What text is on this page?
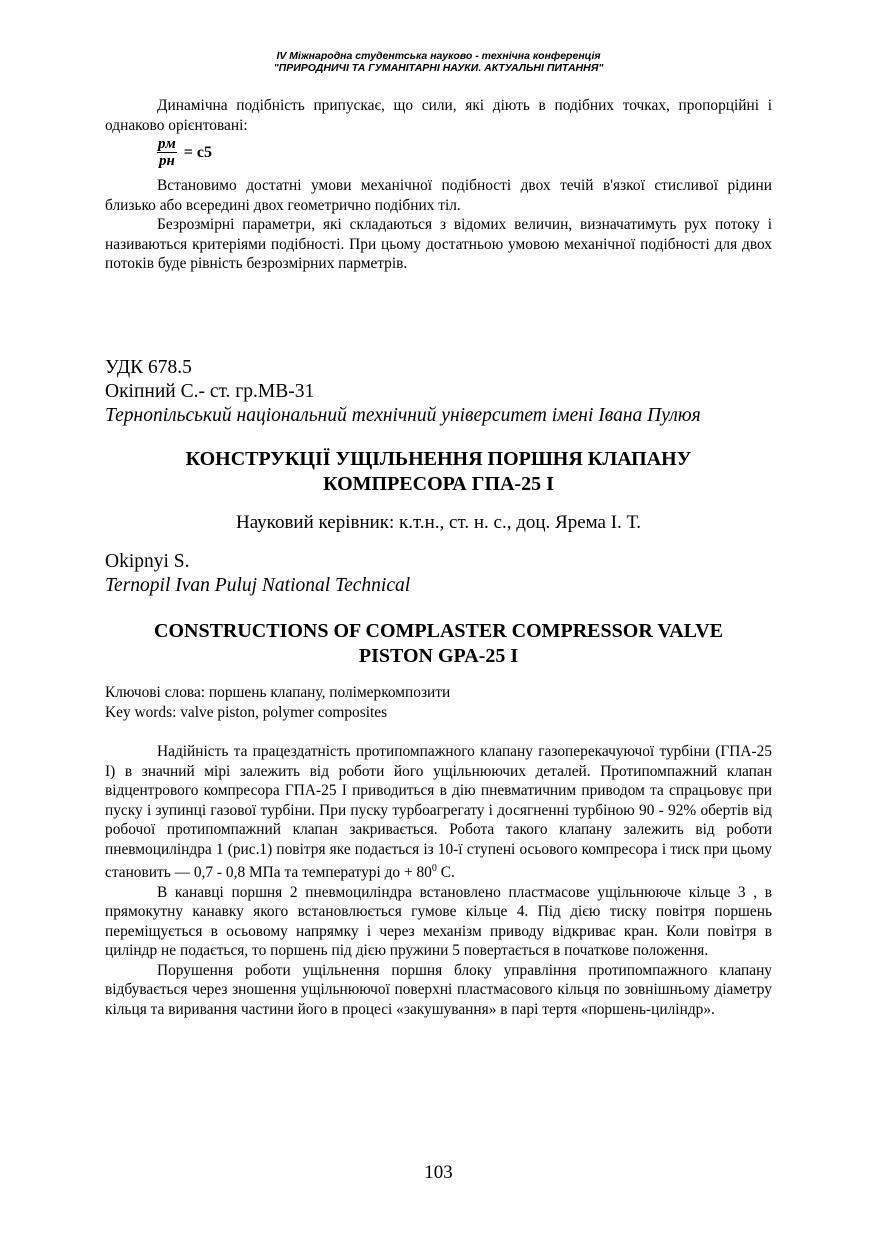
IV Міжнародна студентська науково - технічна конференція
"ПРИРОДНИЧІ ТА ГУМАНІТАРНІ НАУКИ. АКТУАЛЬНІ ПИТАННЯ"

Динамічна подібність припускає, що сили, які діють в подібних точках, пропорційні і однаково орієнтовані:

$\frac{pм}{pн} = c5$

Встановимо достатні умови механічної подібності двох течій в'язкої стисливої рідини близько або всередині двох геометрично подібних тіл.

Безрозмірні параметри, які складаються з відомих величин, визначатимуть рух потоку і називаються критеріями подібності. При цьому достатньою умовою механічної подібності для двох потоків буде рівність безрозмірних парметрів.

УДК 678.5
Окіпний С.- ст. гр.МВ-31
Тернопільський національний технічний університет імені Івана Пулюя
КОНСТРУКЦІЇ УЩІЛЬНЕННЯ ПОРШНЯ КЛАПАНУ
КОМПРЕСОРА ГПА-25 І
Науковий керівник: к.т.н., ст. н. с., доц. Ярема І. Т.
Okipnyi S.
Ternopil Ivan Puluj National Technical
CONSTRUCTIONS OF COMPLASTER COMPRESSOR VALVE
PISTON GPA-25 I
Ключові слова: поршень клапану, полімеркомпозити
Key words: valve piston, polymer composites

Надійність та працездатність протипомпажного клапану газоперекачуючої турбіни (ГПА-25 І) в значний мірі залежить від роботи його ущільнюючих деталей. Протипомпажний клапан відцентрового компресора ГПА-25 І приводиться в дію пневматичним приводом та спрацьовує при пуску і зупинці газової турбіни. При пуску турбоагрегату і досягненні турбіною 90 - 92% обертів від робочої протипомпажний клапан закривається. Робота такого клапану залежить від роботи пневмоциліндра 1 (рис.1) повітря яке подається із 10-ї ступені осьового компресора і тиск при цьому становить — 0,7 - 0,8 МПа та температурі до + $80^0$ С.

В канавці поршня 2 пневмоциліндра встановлено пластмасове ущільнююче кільце 3 , в прямокутну канавку якого встановлюється гумове кільце 4. Під дією тиску повітря поршень переміщується в осьовому напрямку і через механізм приводу відкриває кран. Коли повітря в циліндр не подається, то поршень під дією пружини 5 повертається в початкове положення.

Порушення роботи ущільнення поршня блоку управління протипомпажного клапану відбувається через зношення ущільнюючої поверхні пластмасового кільця по зовнішньому діаметру кільця та виривання частини його в процесі «закушування» в парі тертя «поршень-циліндр».

103
